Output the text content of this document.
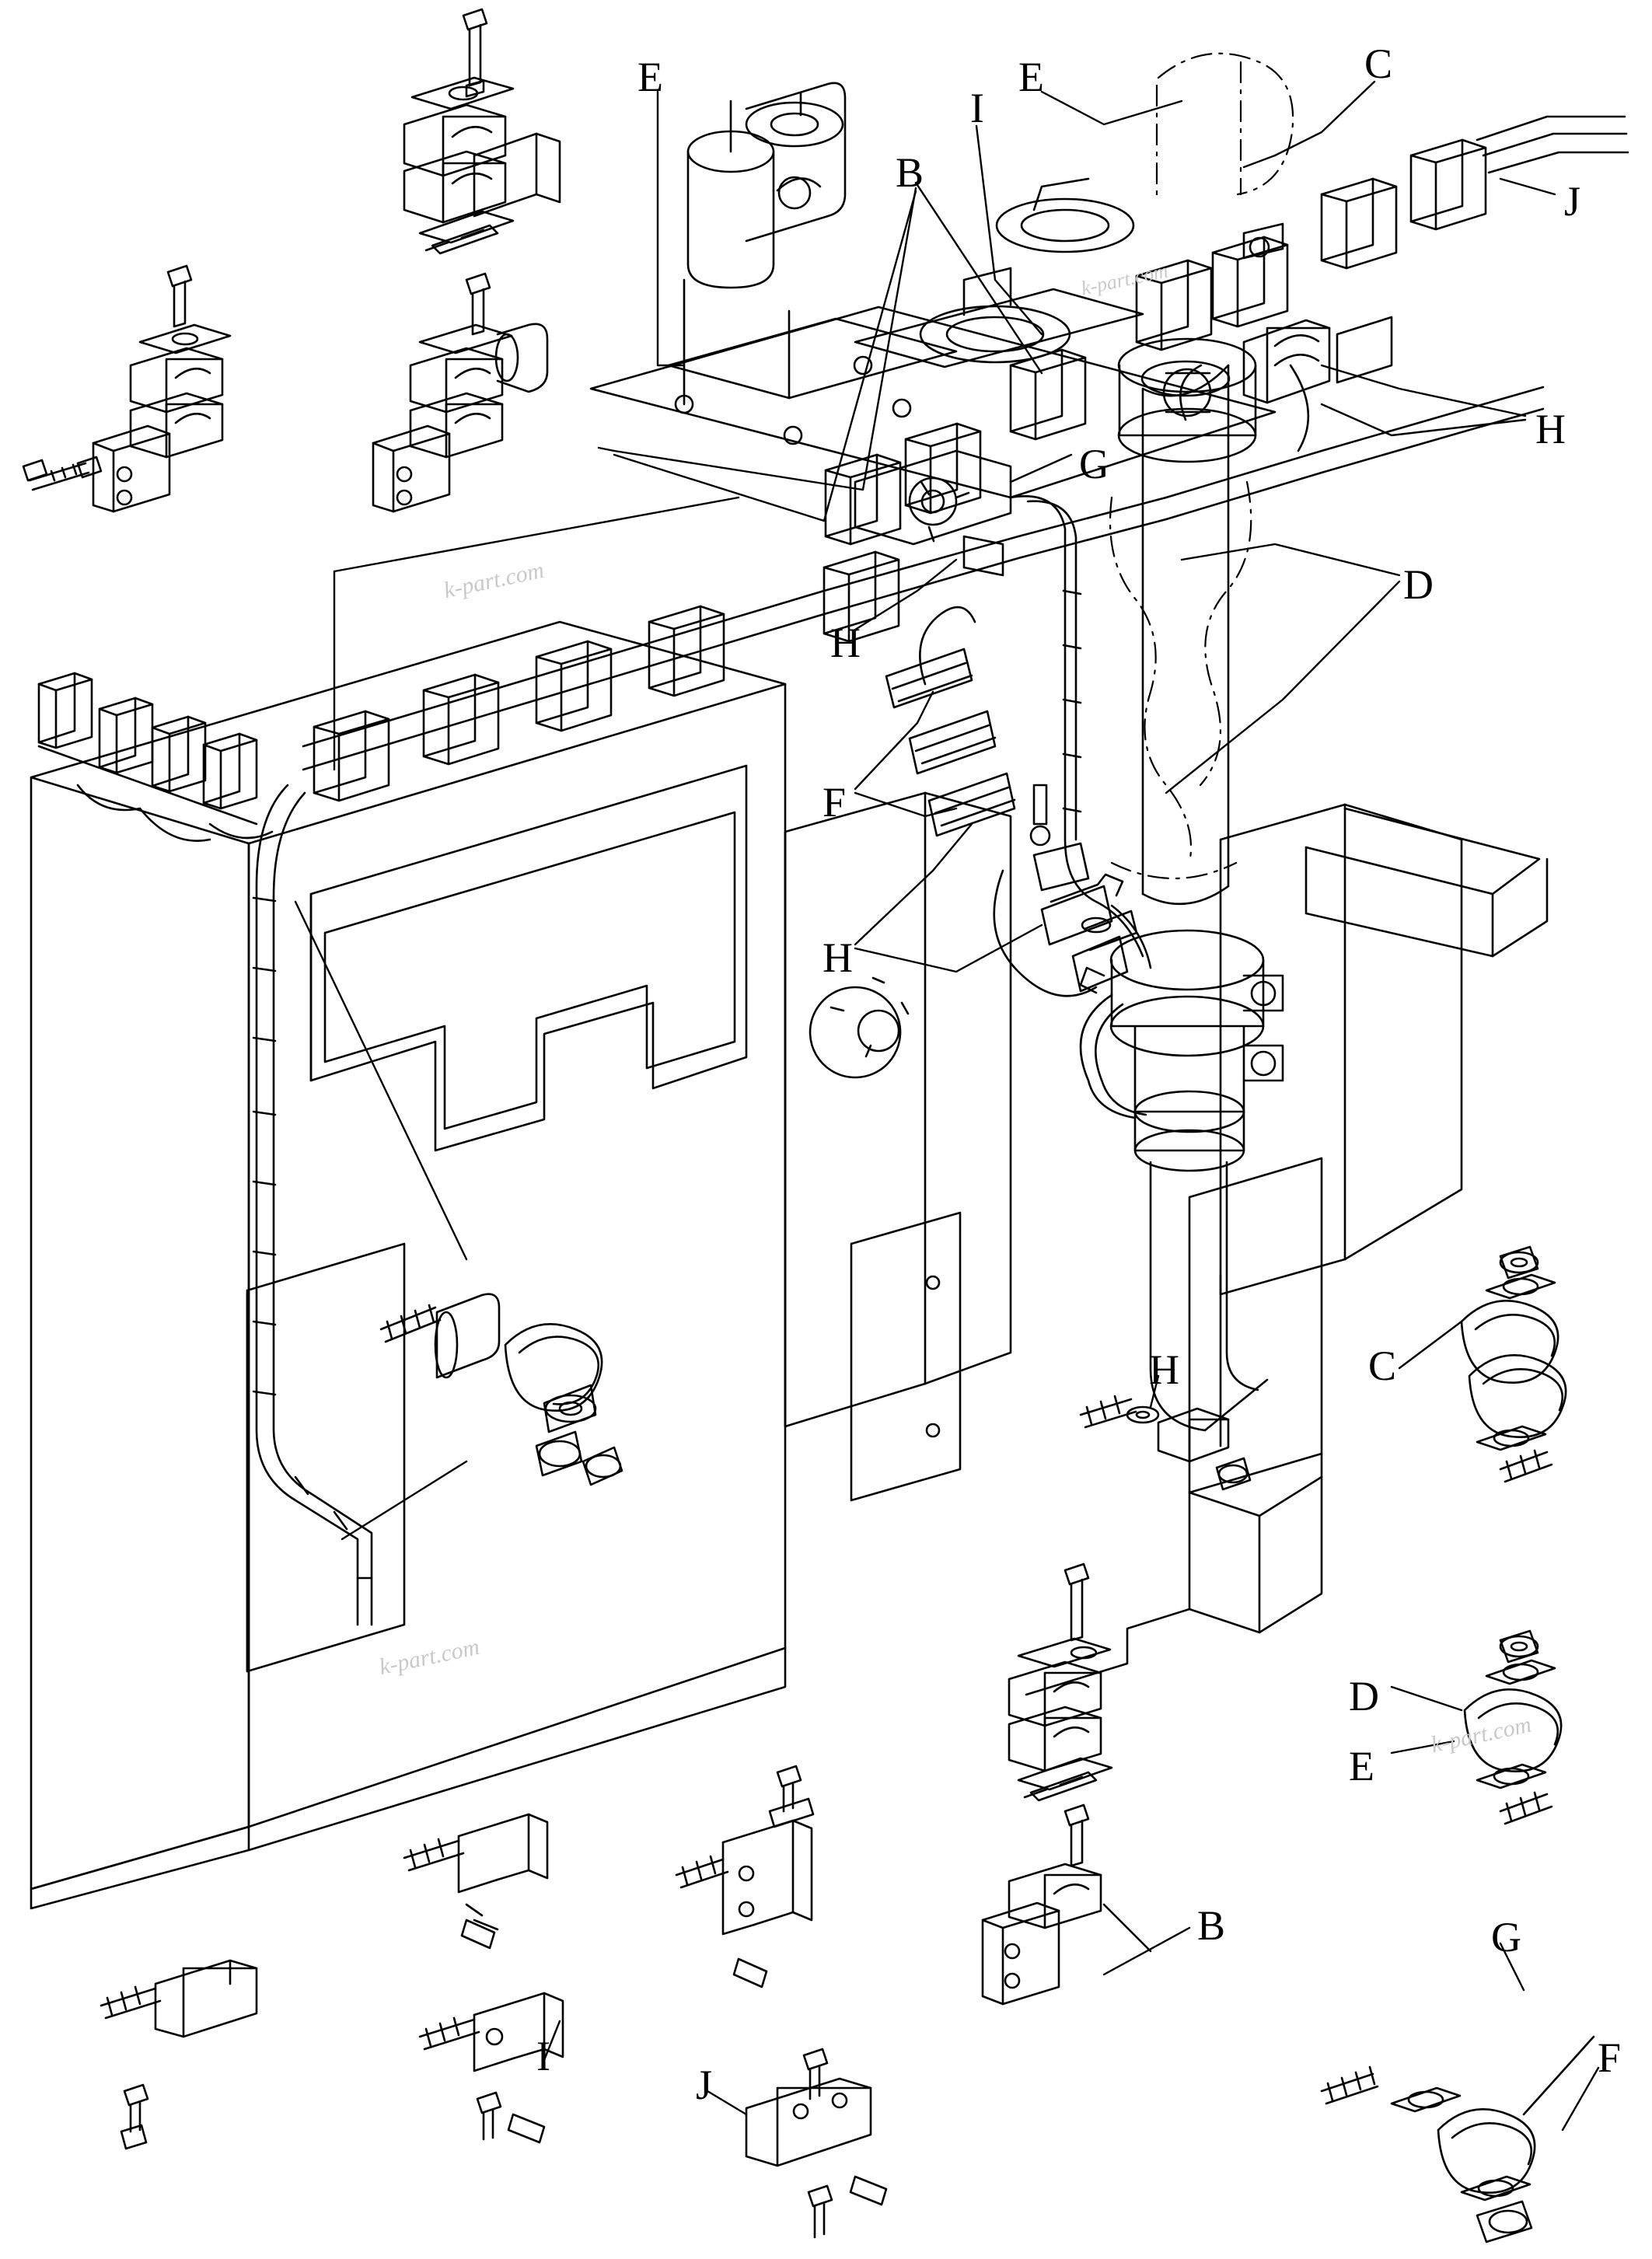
E	E	C
I
B
J
H
G
D
H
F
H
H	C
D
E
B	G
I
J
F
k-part.com
k-part.com
k-part.com
k-part.com
